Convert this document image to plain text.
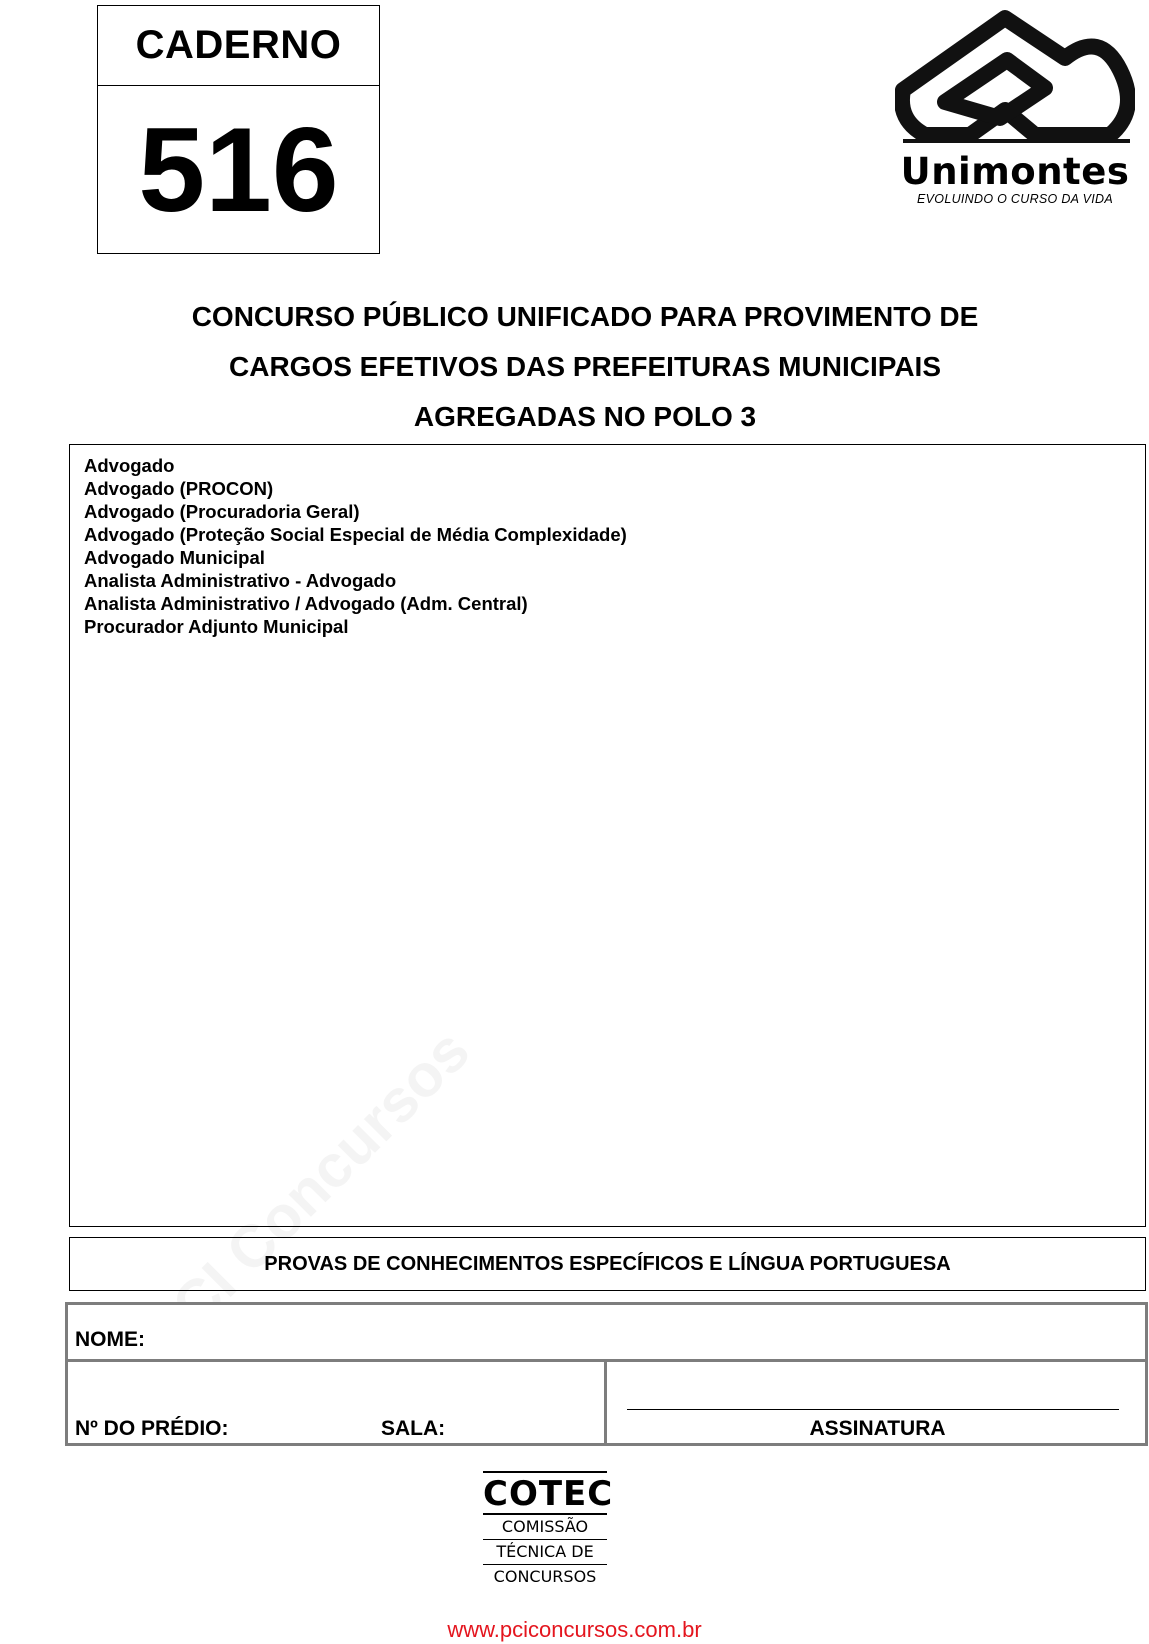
CADERNO
516	Unimontes
EVOLUINDO O CURSO DA VIDA
CONCURSO PÚBLICO UNIFICADO PARA PROVIMENTO DE
CARGOS EFETIVOS DAS PREFEITURAS MUNICIPAIS
AGREGADAS NO POLO 3
Advogado
Advogado (PROCON)
Advogado (Procuradoria Geral)
Advogado (Proteção Social Especial de Média Complexidade)
Advogado Municipal
Analista Administrativo - Advogado
Analista Administrativo / Advogado (Adm. Central)
Procurador Adjunto Municipal
PROVAS DE CONHECIMENTOS ESPECÍFICOS E LÍNGUA PORTUGUESA
NOME:
Nº DO PRÉDIO:	SALA:	ASSINATURA
COTEC
COMISSÃO
TÉCNICA DE
CONCURSOS
www.pciconcursos.com.br
